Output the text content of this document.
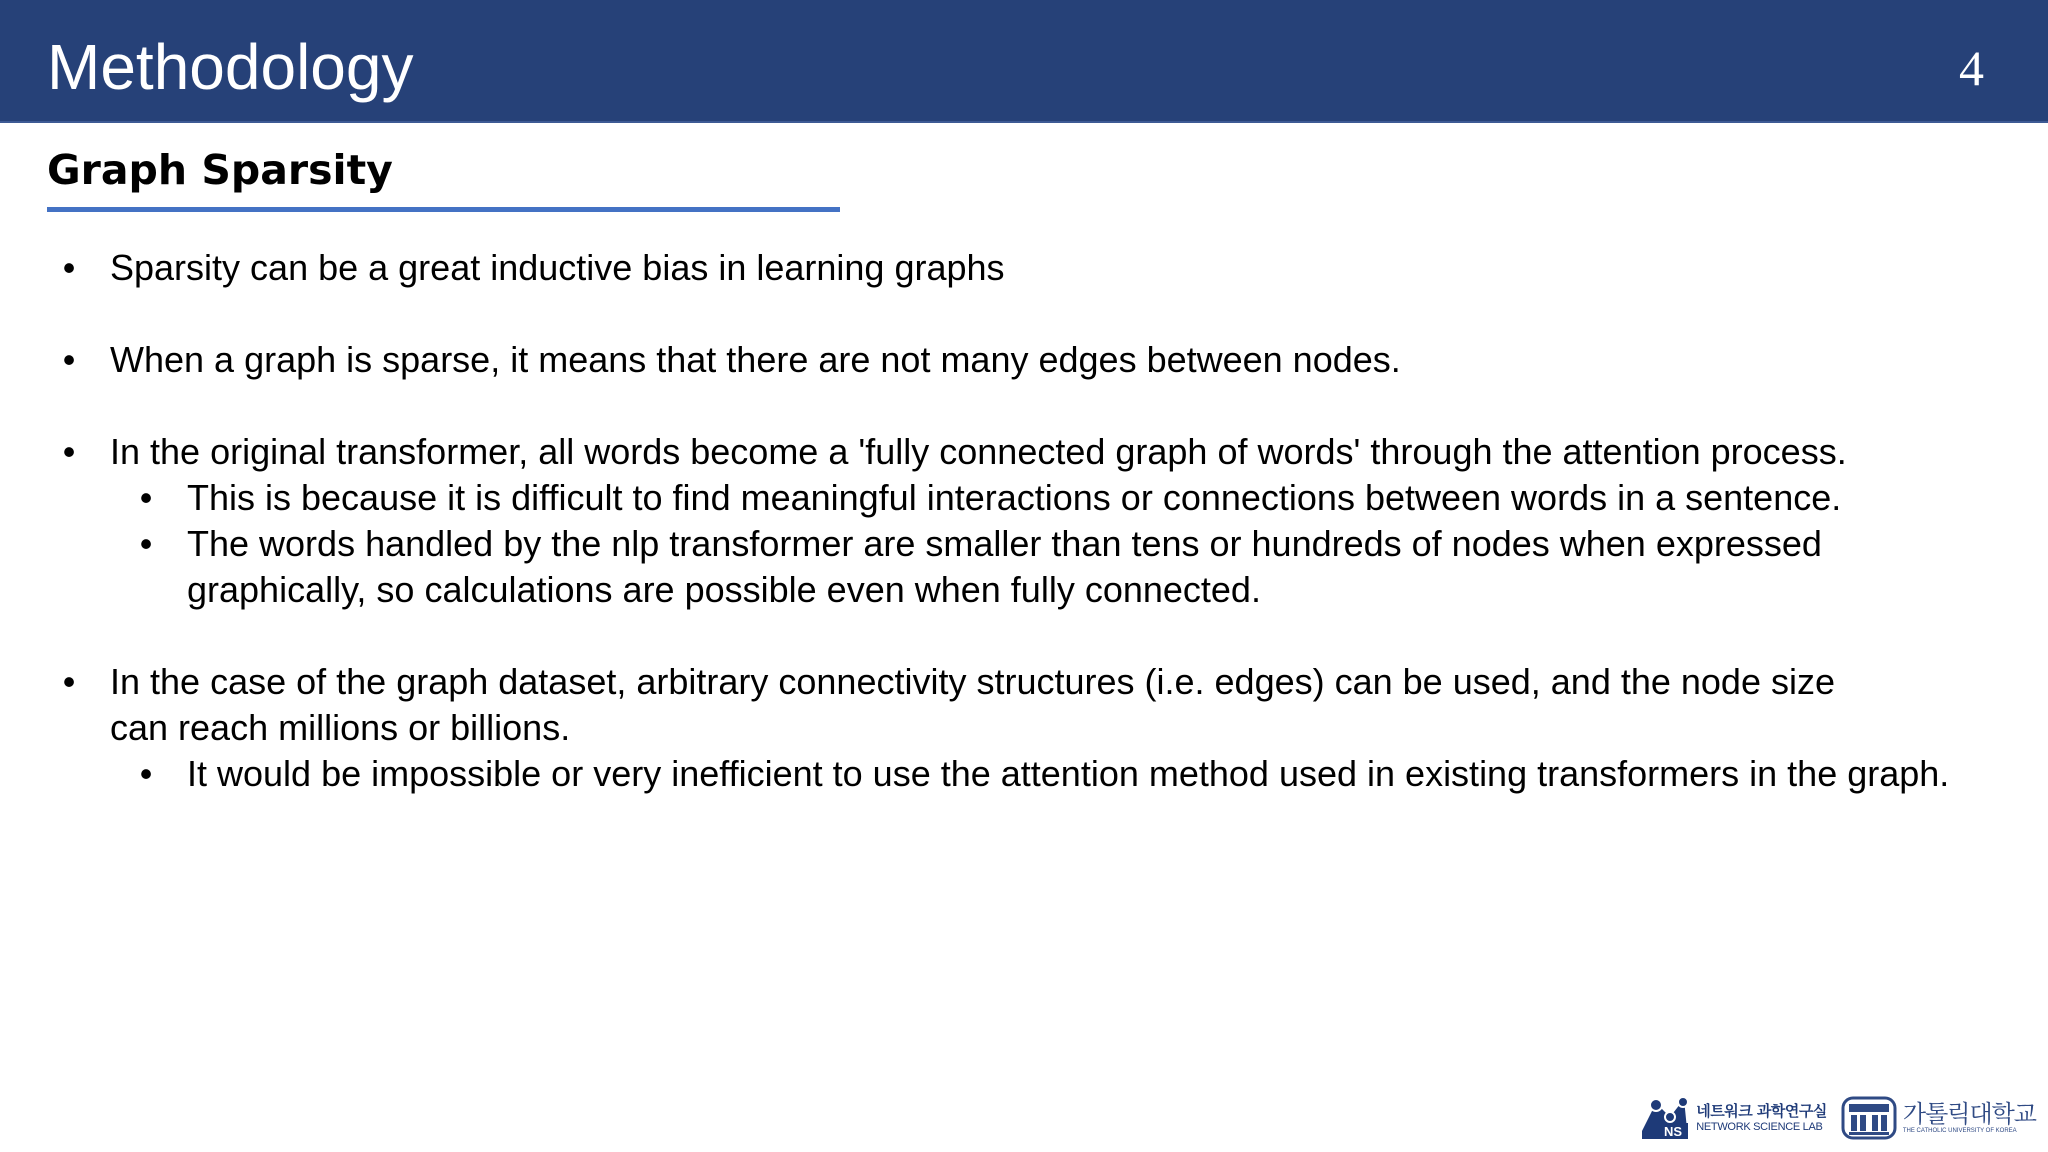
Methodology	4
Graph Sparsity
• Sparsity can be a great inductive bias in learning graphs
• When a graph is sparse, it means that there are not many edges between nodes.
• In the original transformer, all words become a 'fully connected graph of words' through the attention process.
• This is because it is difficult to find meaningful interactions or connections between words in a sentence.
• The words handled by the nlp transformer are smaller than tens or hundreds of nodes when expressed graphically, so calculations are possible even when fully connected.
• In the case of the graph dataset, arbitrary connectivity structures (i.e. edges) can be used, and the node size can reach millions or billions.
• It would be impossible or very inefficient to use the attention method used in existing transformers in the graph.
NS
네트워크 과학연구실
NETWORK SCIENCE LAB	가톨릭대학교
THE CATHOLIC UNIVERSITY OF KOREA
